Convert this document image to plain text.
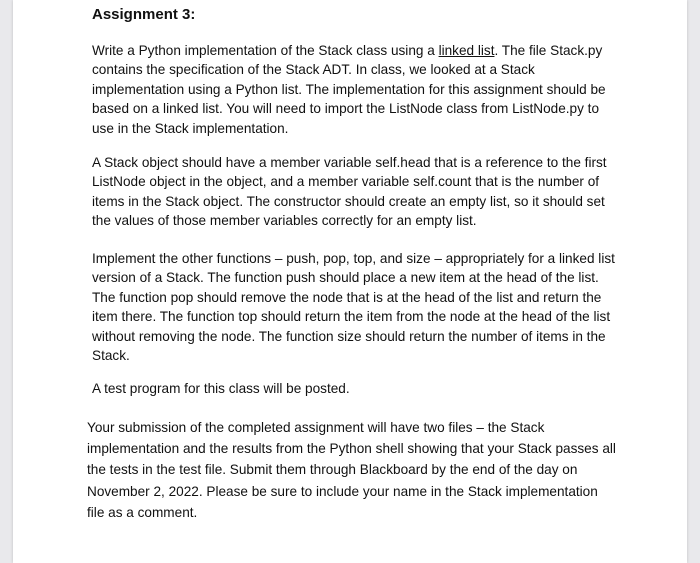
Assignment 3:

Write a Python implementation of the Stack class using a linked list. The file Stack.py contains the specification of the Stack ADT. In class, we looked at a Stack implementation using a Python list. The implementation for this assignment should be based on a linked list. You will need to import the ListNode class from ListNode.py to use in the Stack implementation.

A Stack object should have a member variable self.head that is a reference to the first ListNode object in the object, and a member variable self.count that is the number of items in the Stack object. The constructor should create an empty list, so it should set the values of those member variables correctly for an empty list.

Implement the other functions – push, pop, top, and size – appropriately for a linked list version of a Stack. The function push should place a new item at the head of the list. The function pop should remove the node that is at the head of the list and return the item there. The function top should return the item from the node at the head of the list without removing the node. The function size should return the number of items in the Stack.

A test program for this class will be posted.

Your submission of the completed assignment will have two files – the Stack implementation and the results from the Python shell showing that your Stack passes all the tests in the test file. Submit them through Blackboard by the end of the day on November 2, 2022. Please be sure to include your name in the Stack implementation file as a comment.
